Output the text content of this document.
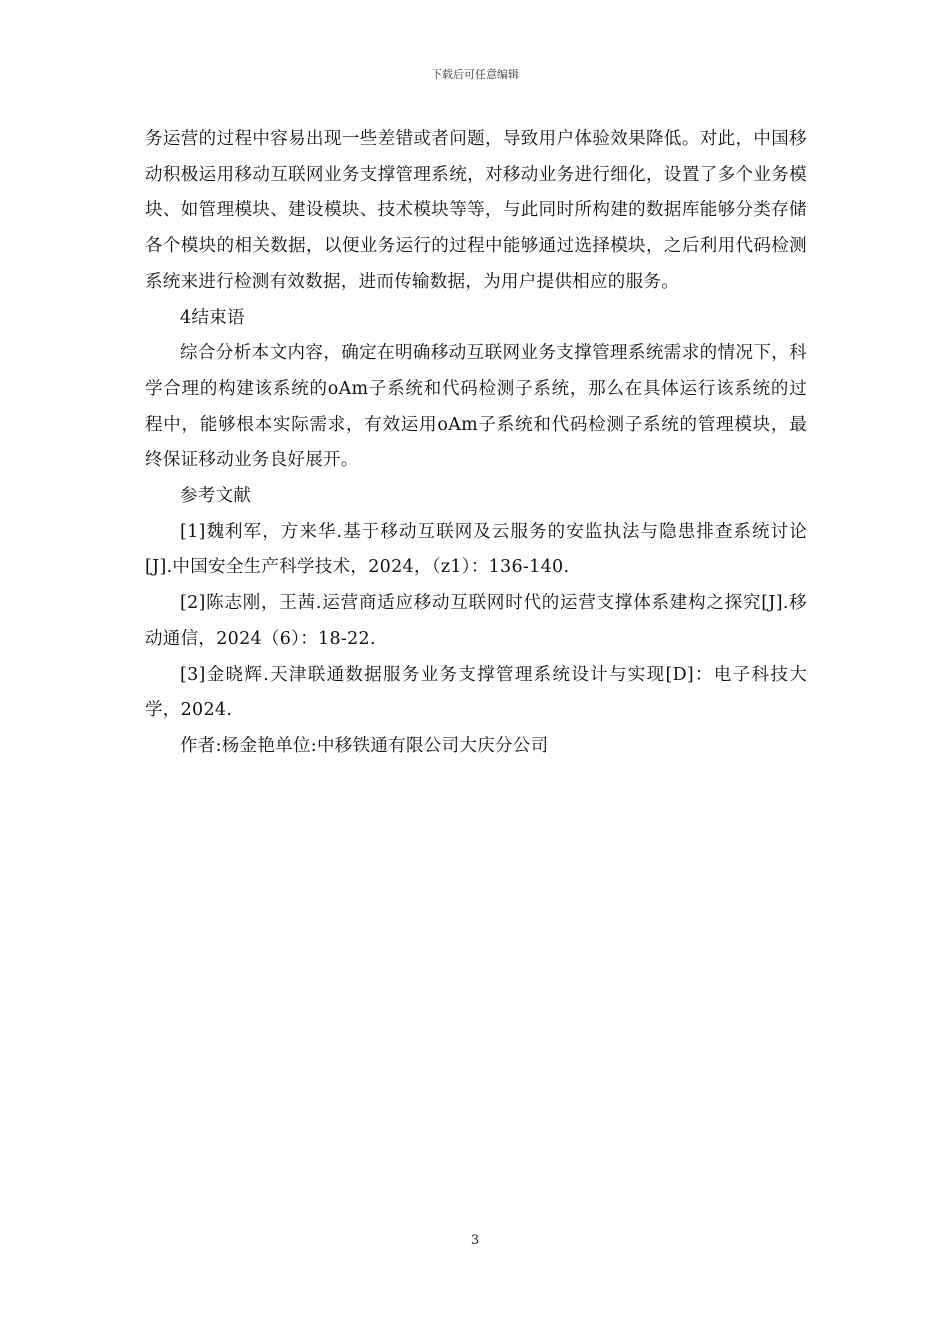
下载后可任意编辑

务运营的过程中容易出现一些差错或者问题，导致用户体验效果降低。对此，中国移动积极运用移动互联网业务支撑管理系统，对移动业务进行细化，设置了多个业务模块、如管理模块、建设模块、技术模块等等，与此同时所构建的数据库能够分类存储各个模块的相关数据，以便业务运行的过程中能够通过选择模块，之后利用代码检测系统来进行检测有效数据，进而传输数据，为用户提供相应的服务。

4结束语

综合分析本文内容，确定在明确移动互联网业务支撑管理系统需求的情况下，科学合理的构建该系统的oAm子系统和代码检测子系统，那么在具体运行该系统的过程中，能够根本实际需求，有效运用oAm子系统和代码检测子系统的管理模块，最终保证移动业务良好展开。

参考文献

[1]魏利军，方来华.基于移动互联网及云服务的安监执法与隐患排查系统讨论[J].中国安全生产科学技术，2024，（z1）：136-140.

[2]陈志刚，王茜.运营商适应移动互联网时代的运营支撑体系建构之探究[J].移动通信，2024（6）：18-22.

[3]金晓辉.天津联通数据服务业务支撑管理系统设计与实现[D]：电子科技大学，2024.

作者:杨金艳单位:中移铁通有限公司大庆分公司

3
